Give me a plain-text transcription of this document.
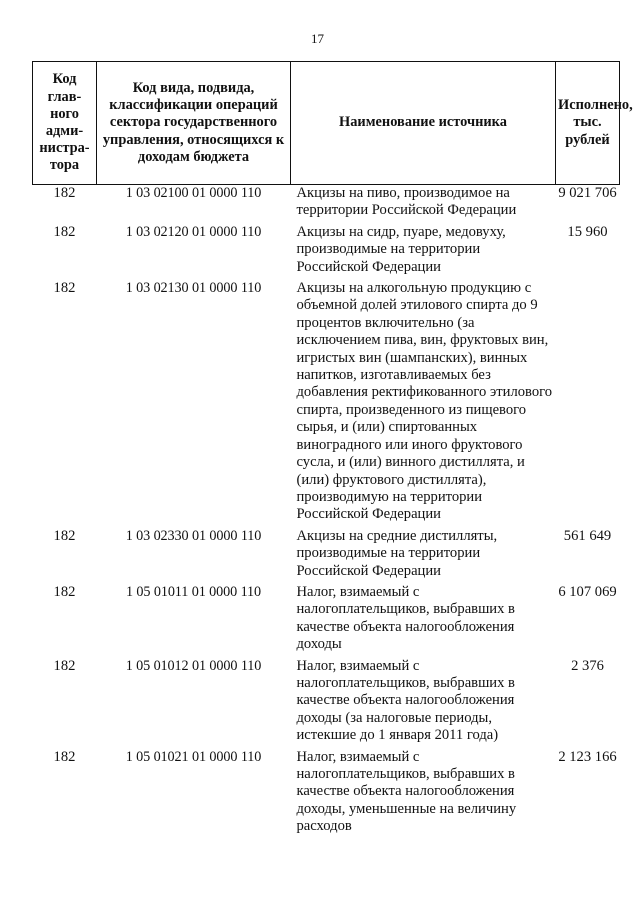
17
Код глав-ного адми-нистра-тора	Код вида, подвида, классификации операций сектора государственного управления, относящихся к доходам бюджета	Наименование источника	Исполнено, тыс. рублей
182	1 03 02100 01 0000 110	Акцизы на пиво, производимое на территории Российской Федерации	9 021 706
182	1 03 02120 01 0000 110	Акцизы на сидр, пуаре, медовуху, производимые на территории Российской Федерации	15 960
182	1 03 02130 01 0000 110	Акцизы на алкогольную продукцию с объемной долей этилового спирта до 9 процентов включительно (за исключением пива, вин, фруктовых вин, игристых вин (шампанских), винных напитков, изготавливаемых без добавления ректификованного этилового спирта, произведенного из пищевого сырья, и (или) спиртованных виноградного или иного фруктового сусла, и (или) винного дистиллята, и (или) фруктового дистиллята), производимую на территории Российской Федерации	
182	1 03 02330 01 0000 110	Акцизы на средние дистилляты, производимые на территории Российской Федерации	561 649
182	1 05 01011 01 0000 110	Налог, взимаемый с налогоплательщиков, выбравших в качестве объекта налогообложения доходы	6 107 069
182	1 05 01012 01 0000 110	Налог, взимаемый с налогоплательщиков, выбравших в качестве объекта налогообложения доходы (за налоговые периоды, истекшие до 1 января 2011 года)	2 376
182	1 05 01021 01 0000 110	Налог, взимаемый с налогоплательщиков, выбравших в качестве объекта налогообложения доходы, уменьшенные на величину расходов	2 123 166
